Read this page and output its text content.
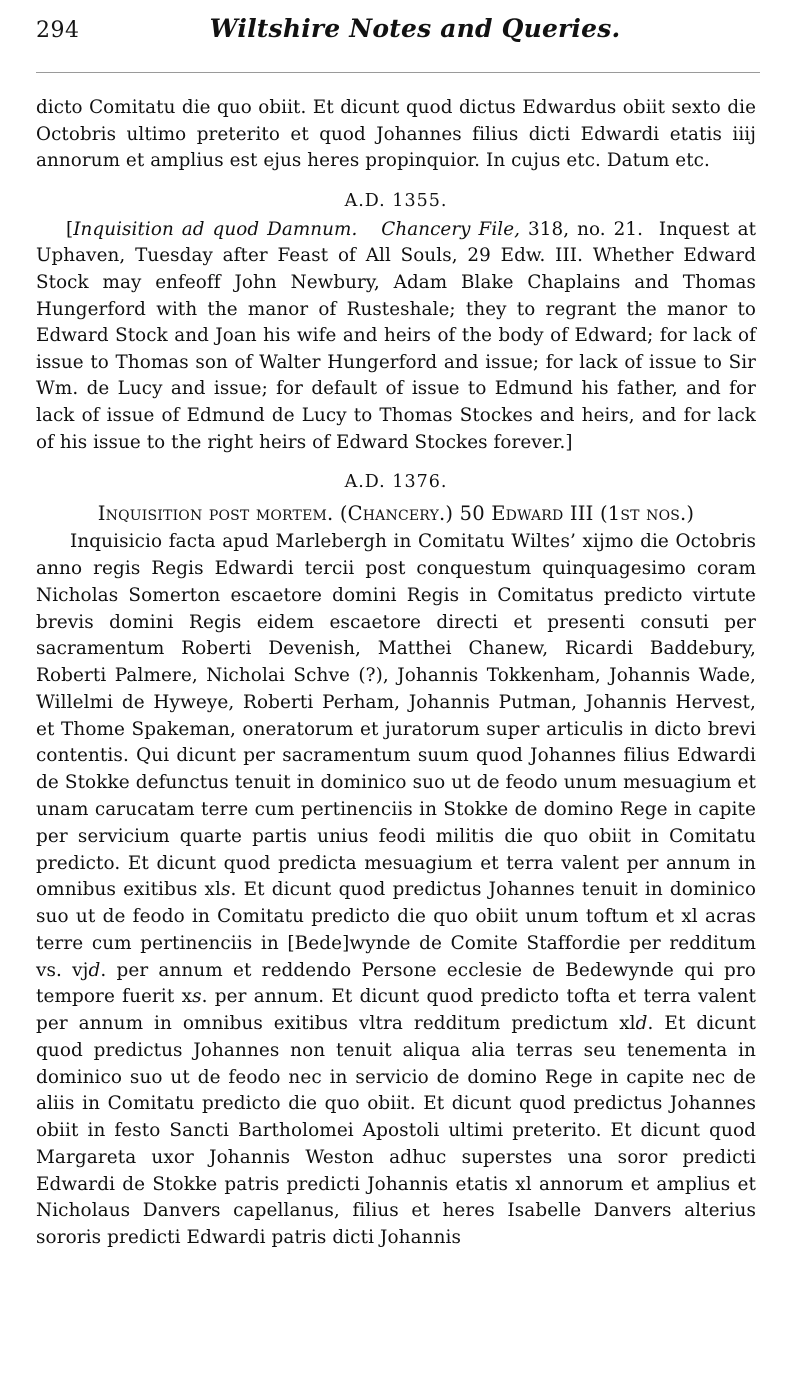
294	Wiltshire Notes and Queries.

dicto Comitatu die quo obiit. Et dicunt quod dictus Edwardus obiit sexto die Octobris ultimo preterito et quod Johannes filius dicti Edwardi etatis iiij annorum et amplius est ejus heres propinquior. In cujus etc. Datum etc.

A.D. 1355.

[Inquisition ad quod Damnum. Chancery File, 318, no. 21. Inquest at Uphaven, Tuesday after Feast of All Souls, 29 Edw. III. Whether Edward Stock may enfeoff John Newbury, Adam Blake Chaplains and Thomas Hungerford with the manor of Rusteshale; they to regrant the manor to Edward Stock and Joan his wife and heirs of the body of Edward; for lack of issue to Thomas son of Walter Hungerford and issue; for lack of issue to Sir Wm. de Lucy and issue; for default of issue to Edmund his father, and for lack of issue of Edmund de Lucy to Thomas Stockes and heirs, and for lack of his issue to the right heirs of Edward Stockes forever.]

A.D. 1376.
Inquisition post mortem. (Chancery.) 50 Edward III (1st nos.)

Inquisicio facta apud Marlebergh in Comitatu Wiltes’ xijmo die Octobris anno regis Regis Edwardi tercii post conquestum quinquagesimo coram Nicholas Somerton escaetore domini Regis in Comitatus predicto virtute brevis domini Regis eidem escaetore directi et presenti consuti per sacramentum Roberti Devenish, Matthei Chanew, Ricardi Baddebury, Roberti Palmere, Nicholai Schve (?), Johannis Tokkenham, Johannis Wade, Willelmi de Hyweye, Roberti Perham, Johannis Putman, Johannis Hervest, et Thome Spakeman, oneratorum et juratorum super articulis in dicto brevi contentis. Qui dicunt per sacramentum suum quod Johannes filius Edwardi de Stokke defunctus tenuit in dominico suo ut de feodo unum mesuagium et unam carucatam terre cum pertinenciis in Stokke de domino Rege in capite per servicium quarte partis unius feodi militis die quo obiit in Comitatu predicto. Et dicunt quod predicta mesuagium et terra valent per annum in omnibus exitibus xls. Et dicunt quod predictus Johannes tenuit in dominico suo ut de feodo in Comitatu predicto die quo obiit unum toftum et xl acras terre cum pertinenciis in [Bede]wynde de Comite Staffordie per redditum vs. vjd. per annum et reddendo Persone ecclesie de Bedewynde qui pro tempore fuerit xs. per annum. Et dicunt quod predicto tofta et terra valent per annum in omnibus exitibus vltra redditum predictum xld. Et dicunt quod predictus Johannes non tenuit aliqua alia terras seu tenementa in dominico suo ut de feodo nec in servicio de domino Rege in capite nec de aliis in Comitatu predicto die quo obiit. Et dicunt quod predictus Johannes obiit in festo Sancti Bartholomei Apostoli ultimi preterito. Et dicunt quod Margareta uxor Johannis Weston adhuc superstes una soror predicti Edwardi de Stokke patris predicti Johannis etatis xl annorum et amplius et Nicholaus Danvers capellanus, filius et heres Isabelle Danvers alterius sororis predicti Edwardi patris dicti Johannis
